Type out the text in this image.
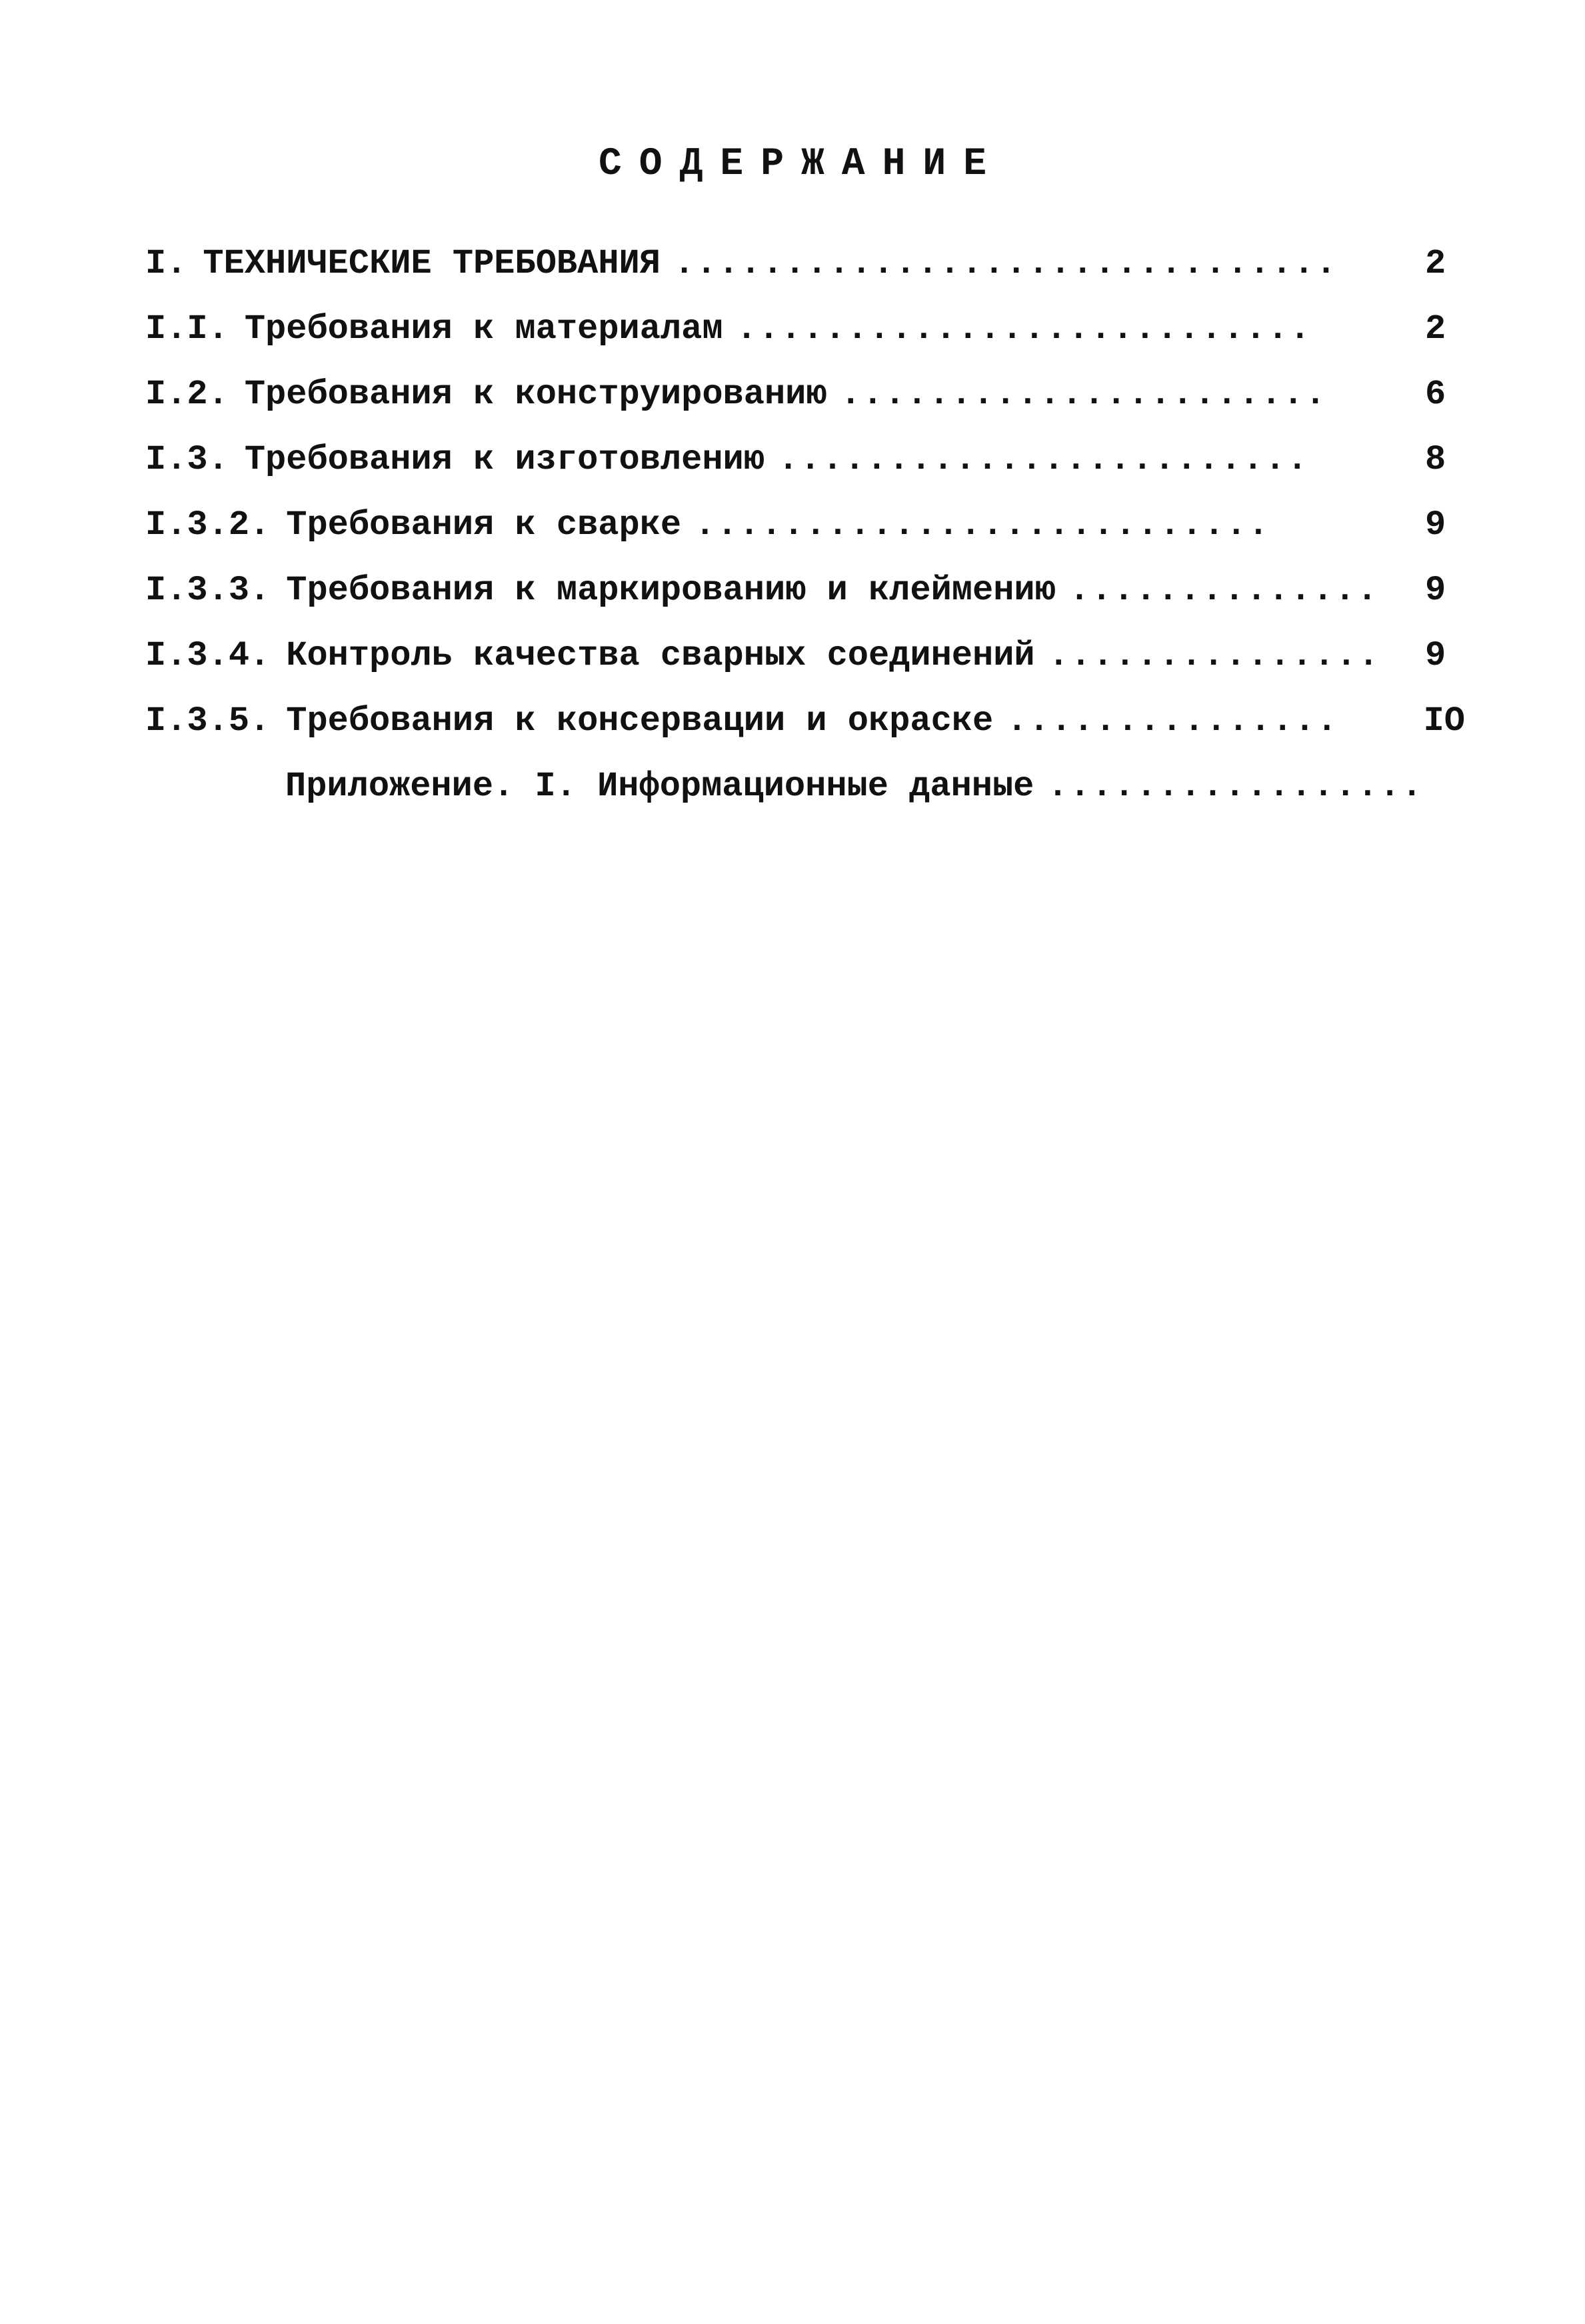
СОДЕРЖАНИЕ
I. ТЕХНИЧЕСКИЕ ТРЕБОВАНИЯ ..............................	2
I.I. Требования к материалам ..........................	2
I.2. Требования к конструированию ......................	6
I.3. Требования к изготовлению ........................	8
I.3.2. Требования к сварке ..........................	9
I.3.3. Требования к маркированию и клеймению ..............	9
I.3.4. Контроль качества сварных соединений ...............	9
I.3.5. Требования к консервации и окраске ...............	IO
Приложение. I. Информационные данные .................
